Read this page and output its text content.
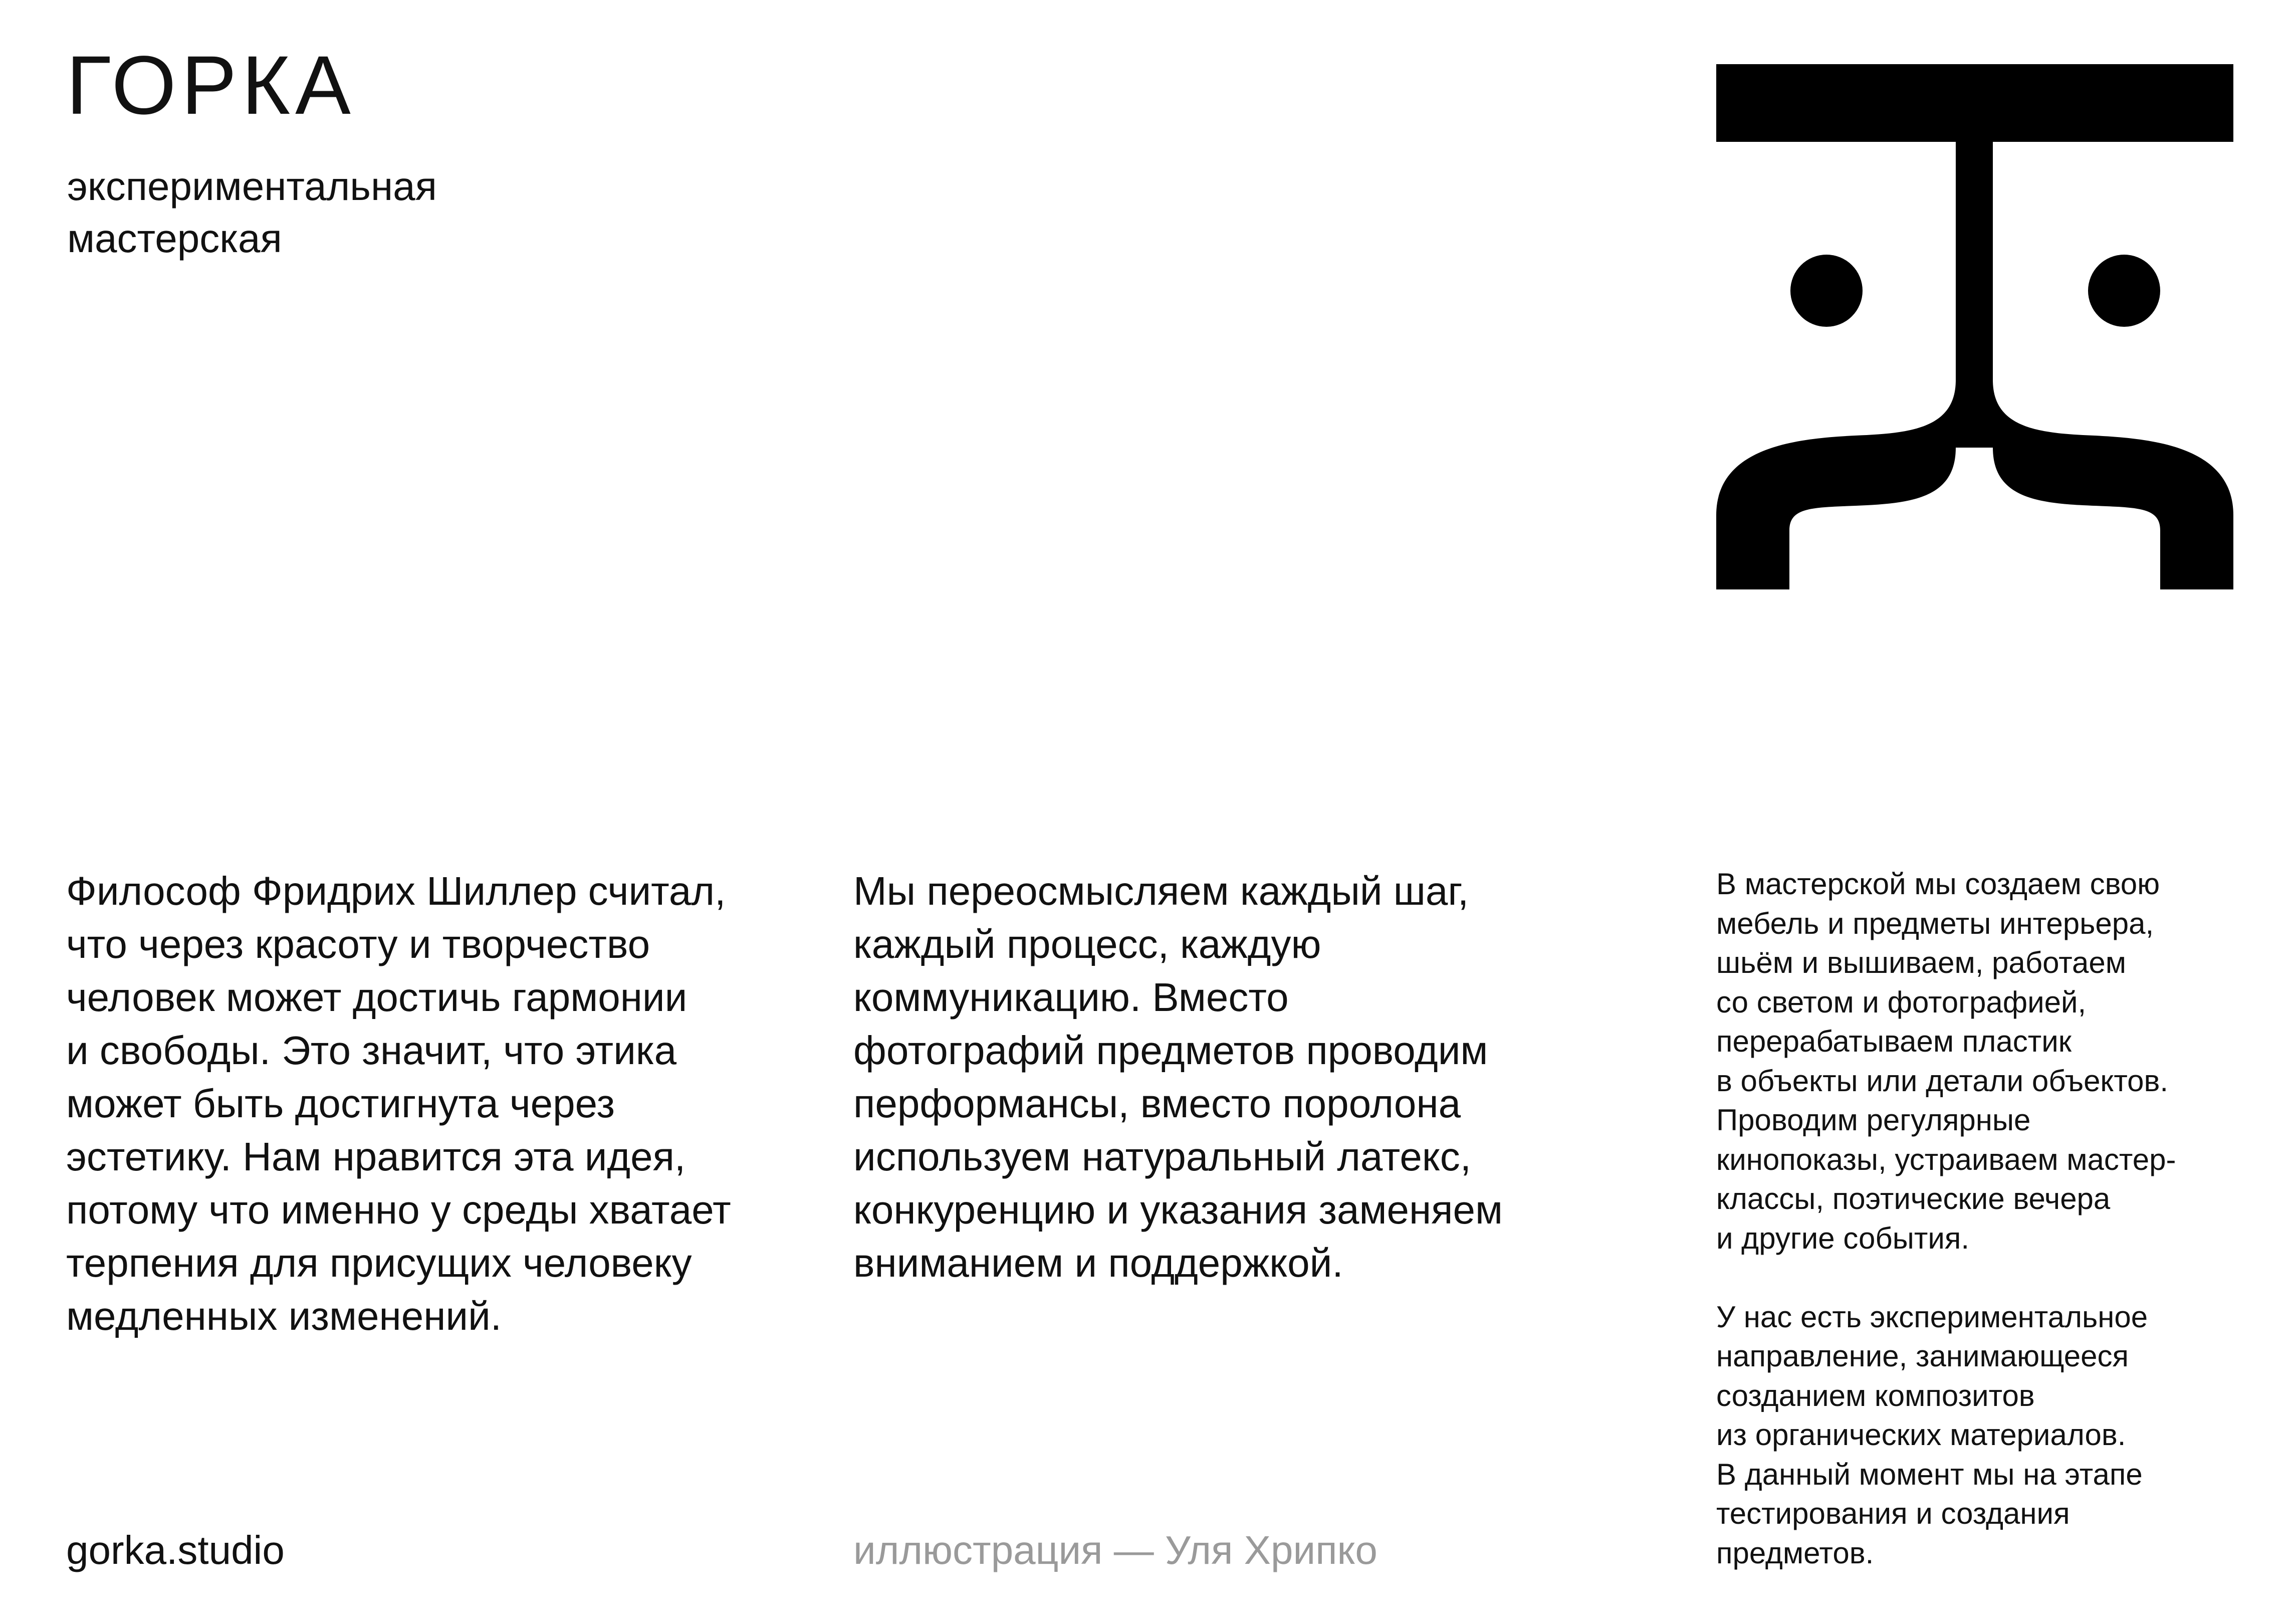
ГОРКА

экспериментальная
мастерская

Философ Фридрих Шиллер считал,
что через красоту и творчество
человек может достичь гармонии
и свободы. Это значит, что этика
может быть достигнута через
эстетику. Нам нравится эта идея,
потому что именно у среды хватает
терпения для присущих человеку
медленных изменений.

Мы переосмысляем каждый шаг,
каждый процесс, каждую
коммуникацию. Вместо
фотографий предметов проводим
перформансы, вместо поролона
используем натуральный латекс,
конкуренцию и указания заменяем
вниманием и поддержкой.

В мастерской мы создаем свою
мебель и предметы интерьера,
шьём и вышиваем, работаем
со светом и фотографией,
перерабатываем пластик
в объекты или детали объектов.
Проводим регулярные
кинопоказы, устраиваем мастер-
классы, поэтические вечера
и другие события.

У нас есть экспериментальное
направление, занимающееся
созданием композитов
из органических материалов.
В данный момент мы на этапе
тестирования и создания
предметов.

gorka.studio	иллюстрация — Уля Хрипко
